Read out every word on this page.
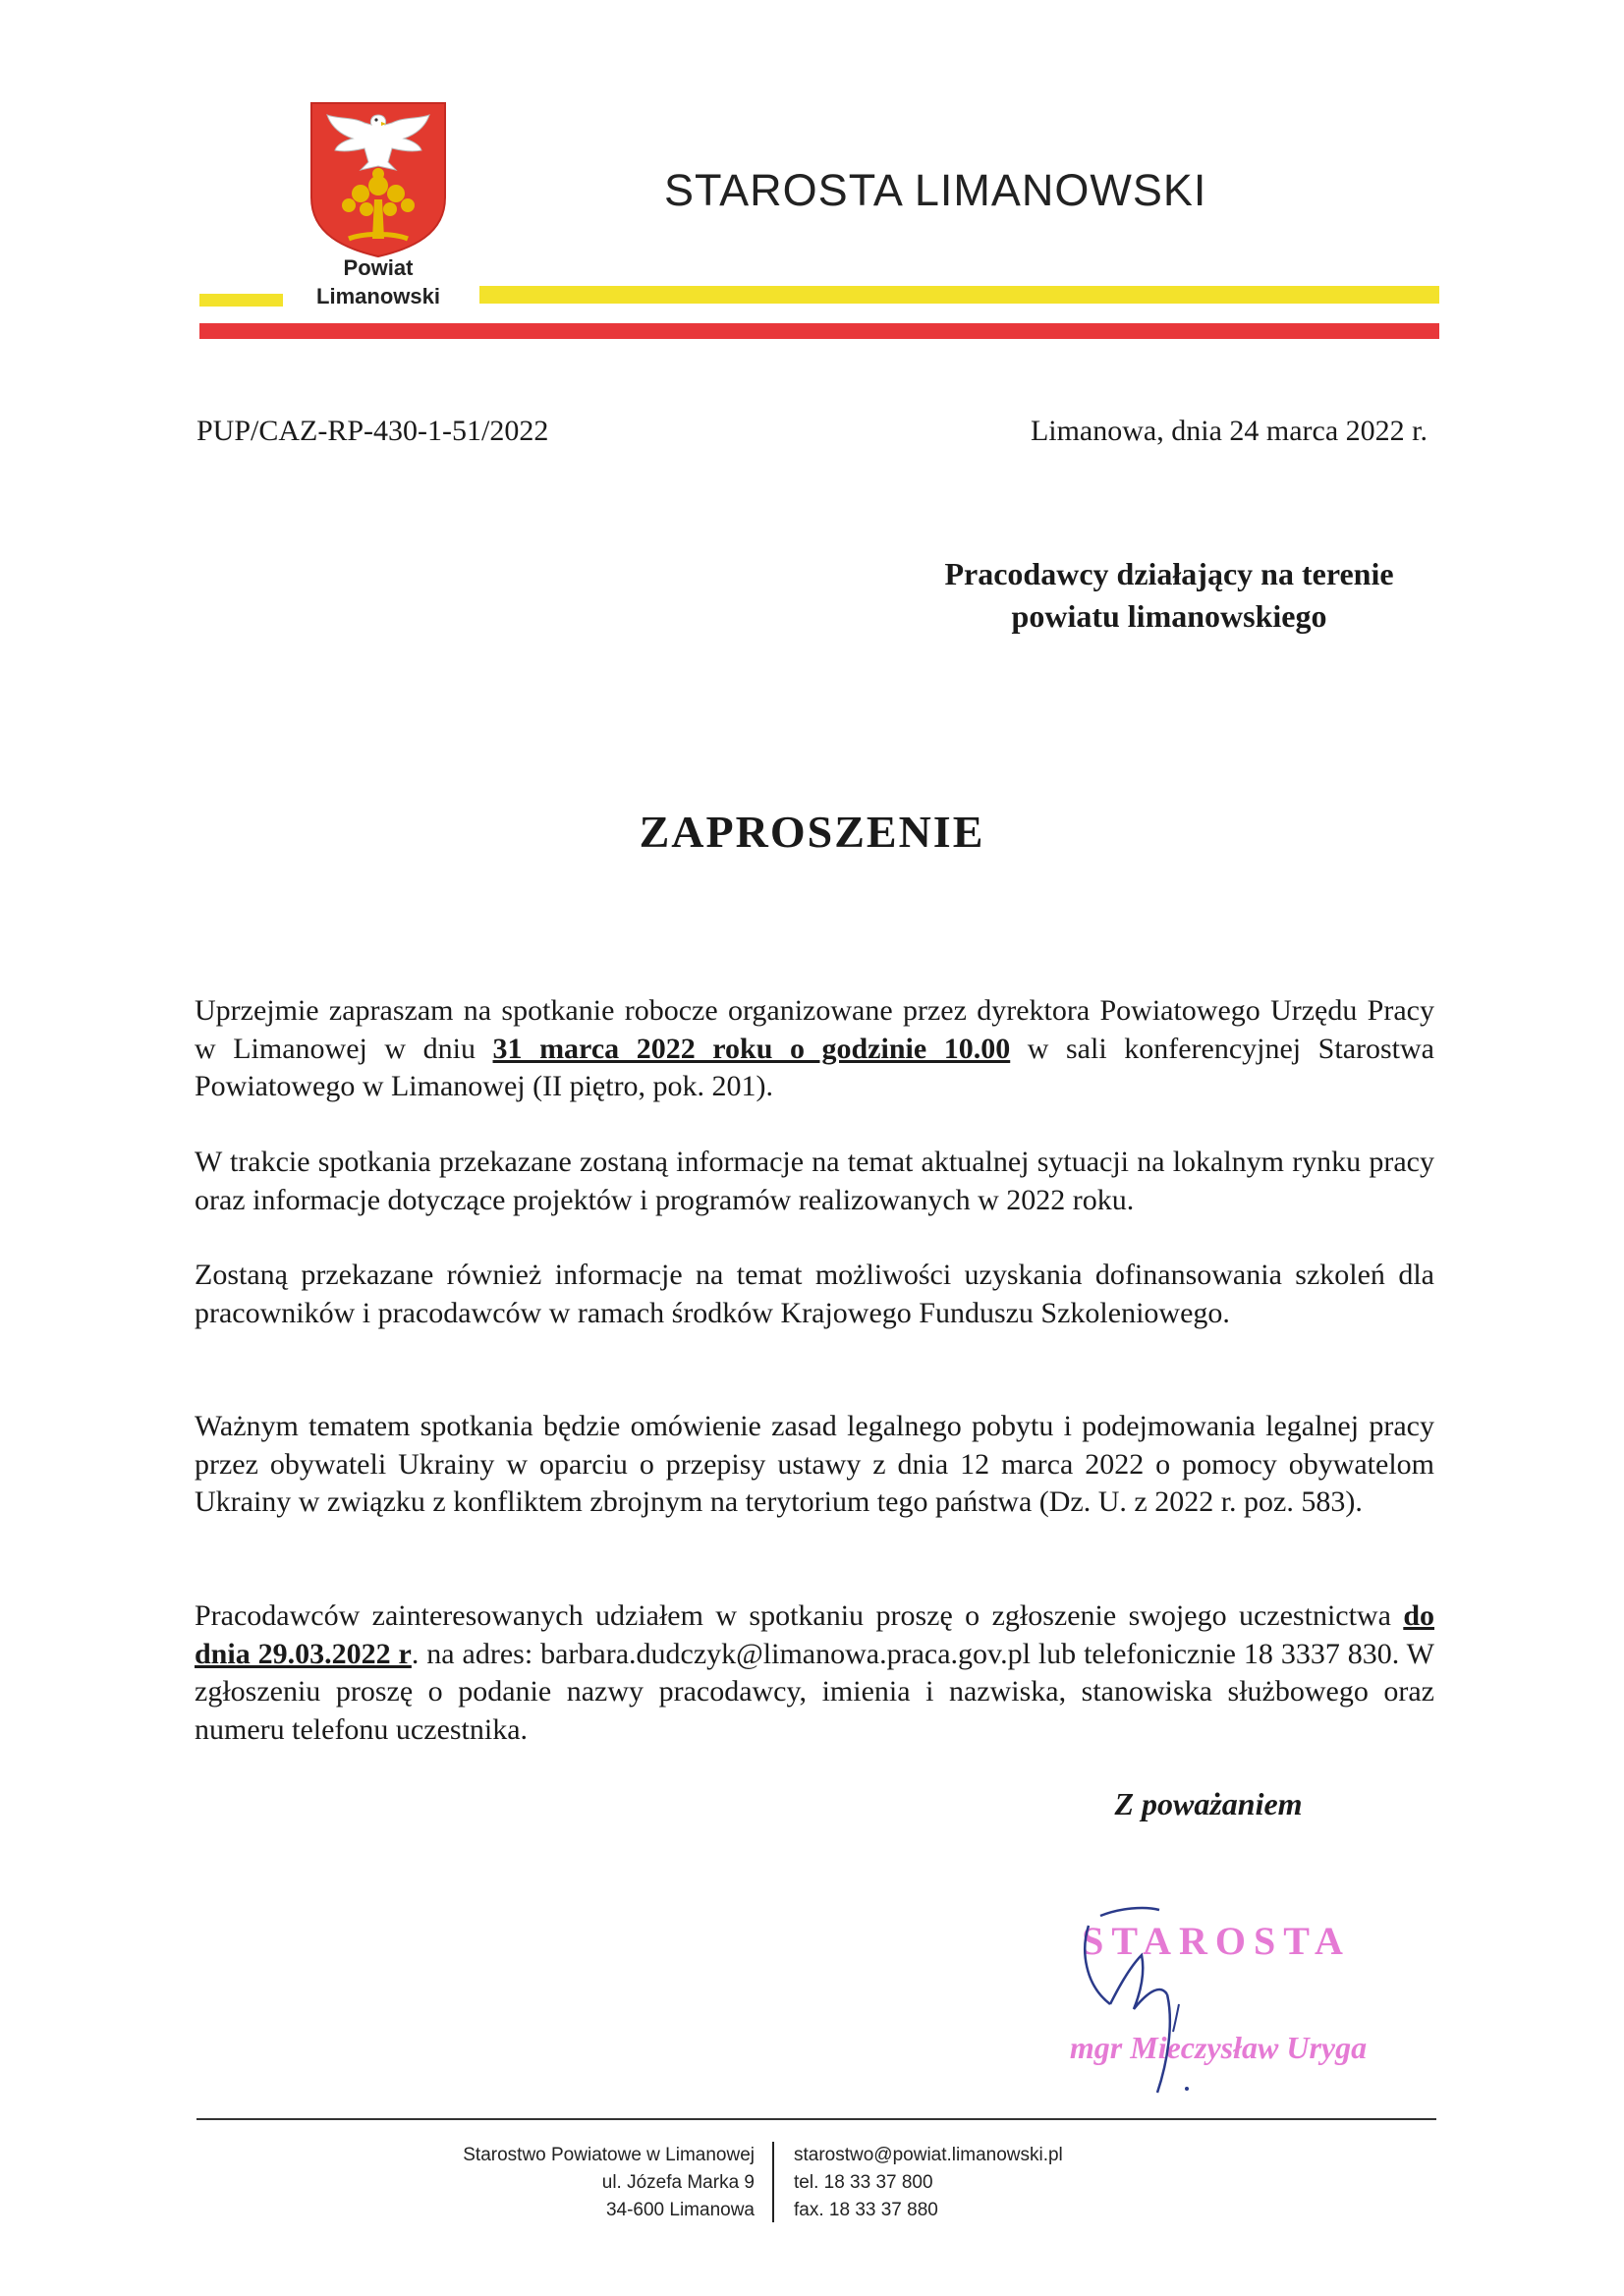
Powiat
Limanowski
STAROSTA LIMANOWSKI
PUP/CAZ-RP-430-1-51/2022	Limanowa, dnia 24 marca 2022 r.
Pracodawcy działający na terenie
powiatu limanowskiego
ZAPROSZENIE

Uprzejmie zapraszam na spotkanie robocze organizowane przez dyrektora Powiatowego Urzędu Pracy w Limanowej w dniu 31 marca 2022 roku o godzinie 10.00 w sali konferencyjnej Starostwa Powiatowego w Limanowej (II piętro, pok. 201).

W trakcie spotkania przekazane zostaną informacje na temat aktualnej sytuacji na lokalnym rynku pracy oraz informacje dotyczące projektów i programów realizowanych w 2022 roku.

Zostaną przekazane również informacje na temat możliwości uzyskania dofinansowania szkoleń dla pracowników i pracodawców w ramach środków Krajowego Funduszu Szkoleniowego.

Ważnym tematem spotkania będzie omówienie zasad legalnego pobytu i podejmowania legalnej pracy przez obywateli Ukrainy w oparciu o przepisy ustawy z dnia 12 marca 2022 o pomocy obywatelom Ukrainy w związku z konfliktem zbrojnym na terytorium tego państwa (Dz. U. z 2022 r. poz. 583).

Pracodawców zainteresowanych udziałem w spotkaniu proszę o zgłoszenie swojego uczestnictwa do dnia 29.03.2022 r. na adres: barbara.dudczyk@limanowa.praca.gov.pl lub telefonicznie 18 3337 830. W zgłoszeniu proszę o podanie nazwy pracodawcy, imienia i nazwiska, stanowiska służbowego oraz numeru telefonu uczestnika.

Z poważaniem
STAROSTA
mgr Mieczysław Uryga
Starostwo Powiatowe w Limanowej
ul. Józefa Marka 9
34-600 Limanowa
starostwo@powiat.limanowski.pl
tel. 18 33 37 800
fax. 18 33 37 880
